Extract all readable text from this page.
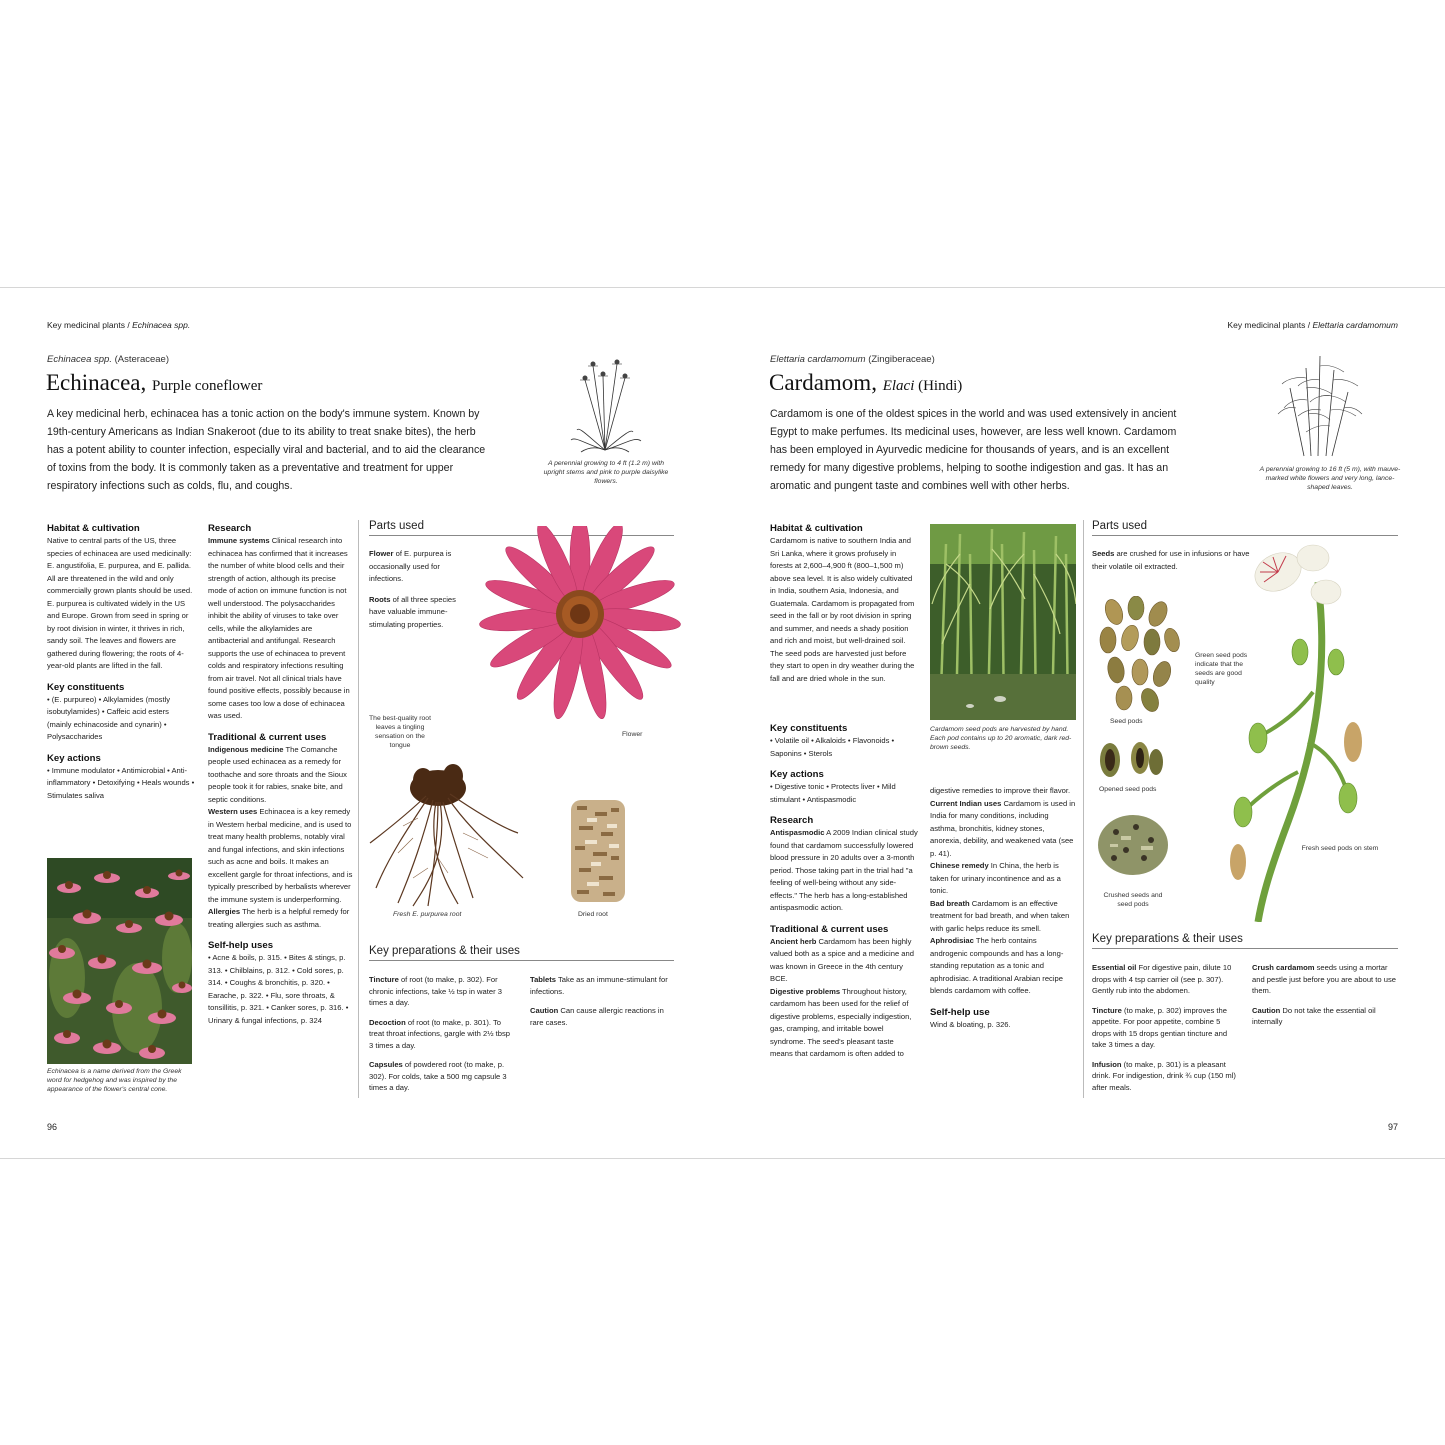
Key medicinal plants / Echinacea spp.
Echinacea spp. (Asteraceae)
Echinacea, Purple coneflower
A key medicinal herb, echinacea has a tonic action on the body's immune system. Known by 19th-century Americans as Indian Snakeroot (due to its ability to treat snake bites), the herb has a potent ability to counter infection, especially viral and bacterial, and to aid the clearance of toxins from the body. It is commonly taken as a preventative and treatment for upper respiratory infections such as colds, flu, and coughs.
A perennial growing to 4 ft (1.2 m) with upright stems and pink to purple daisylike flowers.
Habitat & cultivation
Native to central parts of the US, three species of echinacea are used medicinally: E. angustifolia, E. purpurea, and E. pallida. All are threatened in the wild and only commercially grown plants should be used. E. purpurea is cultivated widely in the US and Europe. Grown from seed in spring or by root division in winter, it thrives in rich, sandy soil. The leaves and flowers are gathered during flowering; the roots of 4-year-old plants are lifted in the fall.
Key constituents
• (E. purpureo) • Alkylamides (mostly isobutylamides) • Caffeic acid esters (mainly echinacoside and cynarin) • Polysaccharides
Key actions
• Immune modulator • Antimicrobial • Anti-inflammatory • Detoxifying • Heals wounds • Stimulates saliva
Echinacea is a name derived from the Greek word for hedgehog and was inspired by the appearance of the flower's central cone.
Research
Immune systems Clinical research into echinacea has confirmed that it increases the number of white blood cells and their strength of action, although its precise mode of action on immune function is not well understood. The polysaccharides inhibit the ability of viruses to take over cells, while the alkylamides are antibacterial and antifungal. Research supports the use of echinacea to prevent colds and respiratory infections resulting from air travel. Not all clinical trials have found positive effects, possibly because in some cases too low a dose of echinacea was used.
Traditional & current uses
Indigenous medicine The Comanche people used echinacea as a remedy for toothache and sore throats and the Sioux people took it for rabies, snake bite, and septic conditions.
Western uses Echinacea is a key remedy in Western herbal medicine, and is used to treat many health problems, notably viral and fungal infections, and skin infections such as acne and boils. It makes an excellent gargle for throat infections, and is typically prescribed by herbalists wherever the immune system is underperforming.
Allergies The herb is a helpful remedy for treating allergies such as asthma.
Self-help uses
• Acne & boils, p. 315. • Bites & stings, p. 313. • Chilblains, p. 312. • Cold sores, p. 314. • Coughs & bronchitis, p. 320. • Earache, p. 322. • Flu, sore throats, & tonsillitis, p. 321. • Canker sores, p. 316. • Urinary & fungal infections, p. 324
Parts used
Flower of E. purpurea is occasionally used for infections.
Roots of all three species have valuable immune-stimulating properties.
Flower
The best-quality root leaves a tingling sensation on the tongue
Fresh E. purpurea root	Dried root
Key preparations & their uses
Tincture of root (to make, p. 302). For chronic infections, take ½ tsp in water 3 times a day.
Decoction of root (to make, p. 301). To treat throat infections, gargle with 2½ tbsp 3 times a day.
Capsules of powdered root (to make, p. 302). For colds, take a 500 mg capsule 3 times a day.
Tablets Take as an immune-stimulant for infections.
Caution Can cause allergic reactions in rare cases.
96
Key medicinal plants / Elettaria cardamomum
Elettaria cardamomum (Zingiberaceae)
Cardamom, Elaci (Hindi)
Cardamom is one of the oldest spices in the world and was used extensively in ancient Egypt to make perfumes. Its medicinal uses, however, are less well known. Cardamom has been employed in Ayurvedic medicine for thousands of years, and is an excellent remedy for many digestive problems, helping to soothe indigestion and gas. It has an aromatic and pungent taste and combines well with other herbs.
A perennial growing to 16 ft (5 m), with mauve-marked white flowers and very long, lance-shaped leaves.
Habitat & cultivation
Cardamom is native to southern India and Sri Lanka, where it grows profusely in forests at 2,600–4,900 ft (800–1,500 m) above sea level. It is also widely cultivated in India, southern Asia, Indonesia, and Guatemala. Cardamom is propagated from seed in the fall or by root division in spring and summer, and needs a shady position and rich and moist, but well-drained soil. The seed pods are harvested just before they start to open in dry weather during the fall and are dried whole in the sun.
Cardamom seed pods are harvested by hand. Each pod contains up to 20 aromatic, dark red-brown seeds.
Key constituents
• Volatile oil • Alkaloids • Flavonoids • Saponins • Sterols
Key actions
• Digestive tonic • Protects liver • Mild stimulant • Antispasmodic
Research
Antispasmodic A 2009 Indian clinical study found that cardamom successfully lowered blood pressure in 20 adults over a 3-month period. Those taking part in the trial had "a feeling of well-being without any side-effects." The herb has a long-established antispasmodic action.
Traditional & current uses
Ancient herb Cardamom has been highly valued both as a spice and a medicine and was known in Greece in the 4th century BCE.
Digestive problems Throughout history, cardamom has been used for the relief of digestive problems, especially indigestion, gas, cramping, and irritable bowel syndrome. The seed's pleasant taste means that cardamom is often added to
digestive remedies to improve their flavor.
Current Indian uses Cardamom is used in India for many conditions, including asthma, bronchitis, kidney stones, anorexia, debility, and weakened vata (see p. 41).
Chinese remedy In China, the herb is taken for urinary incontinence and as a tonic.
Bad breath Cardamom is an effective treatment for bad breath, and when taken with garlic helps reduce its smell.
Aphrodisiac The herb contains androgenic compounds and has a long-standing reputation as a tonic and aphrodisiac. A traditional Arabian recipe blends cardamom with coffee.
Self-help use
Wind & bloating, p. 326.
Parts used
Seeds are crushed for use in infusions or have their volatile oil extracted.
Seed pods
Green seed pods indicate that the seeds are good quality
Opened seed pods
Crushed seeds and seed pods
Fresh seed pods on stem
Key preparations & their uses
Essential oil For digestive pain, dilute 10 drops with 4 tsp carrier oil (see p. 307). Gently rub into the abdomen.
Tincture (to make, p. 302) improves the appetite. For poor appetite, combine 5 drops with 15 drops gentian tincture and take 3 times a day.
Infusion (to make, p. 301) is a pleasant drink. For indigestion, drink ¾ cup (150 ml) after meals.
Crush cardamom seeds using a mortar and pestle just before you are about to use them.
Caution Do not take the essential oil internally
97
